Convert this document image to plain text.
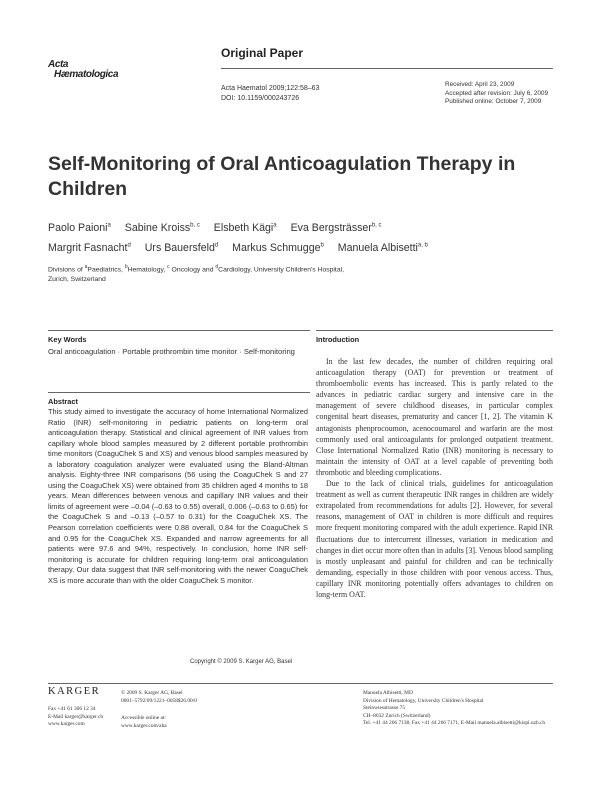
Acta
Hæmatologica
Original Paper
Acta Haematol 2009;122:58–63
DOI: 10.1159/000243726
Received: April 23, 2009
Accepted after revision: July 6, 2009
Published online: October 7, 2009
Self-Monitoring of Oral Anticoagulation Therapy in Children
Paolo Paioni$^a$ Sabine Kroiss$^{b, c}$ Elsbeth Kägi$^a$ Eva Bergsträsser$^{b, c}$
Margrit Fasnacht$^d$ Urs Bauersfeld$^d$ Markus Schmugge$^b$ Manuela Albisetti$^{a, b}$
Divisions of $^a$Paediatrics, $^b$Hematology, $^c$ Oncology and $^d$Cardiology, University Children's Hospital,
Zurich, Switzerland
Key Words
Oral anticoagulation · Portable prothrombin time monitor · Self-monitoring
Abstract
This study aimed to investigate the accuracy of home International Normalized Ratio (INR) self-monitoring in pediatric patients on long-term oral anticoagulation therapy. Statistical and clinical agreement of INR values from capillary whole blood samples measured by 2 different portable prothrombin time monitors (CoaguChek S and XS) and venous blood samples measured by a laboratory coagulation analyzer were evaluated using the Bland-Altman analysis. Eighty-three INR comparisons (56 using the CoaguChek S and 27 using the CoaguChek XS) were obtained from 35 children aged 4 months to 18 years. Mean differences between venous and capillary INR values and their limits of agreement were –0.04 (–0.63 to 0.55) overall, 0.006 (–0.63 to 0.65) for the CoaguChek S and –0.13 (–0.57 to 0.31) for the CoaguChek XS. The Pearson correlation coefficients were 0.88 overall, 0.84 for the CoaguChek S and 0.95 for the CoaguChek XS. Expanded and narrow agreements for all patients were 97.6 and 94%, respectively. In conclusion, home INR self-monitoring is accurate for children requiring long-term oral anticoagulation therapy. Our data suggest that INR self-monitoring with the newer CoaguChek XS is more accurate than with the older CoaguChek S monitor.
Copyright © 2009 S. Karger AG, Basel
Introduction

In the last few decades, the number of children requiring oral anticoagulation therapy (OAT) for prevention or treatment of thromboembolic events has increased. This is partly related to the advances in pediatric cardiac surgery and intensive care in the management of severe childhood diseases, in particular complex congenital heart diseases, prematurity and cancer [1, 2]. The vitamin K antagonists phenprocoumon, acenocoumarol and warfarin are the most commonly used oral anticoagulants for prolonged outpatient treatment. Close International Normalized Ratio (INR) monitoring is necessary to maintain the intensity of OAT at a level capable of preventing both thrombotic and bleeding complications.

Due to the lack of clinical trials, guidelines for anticoagulation treatment as well as current therapeutic INR ranges in children are widely extrapolated from recommendations for adults [2]. However, for several reasons, management of OAT in children is more difficult and requires more frequent monitoring compared with the adult experience. Rapid INR fluctuations due to intercurrent illnesses, variation in medication and changes in diet occur more often than in adults [3]. Venous blood sampling is mostly unpleasant and painful for children and can be technically demanding, especially in those children with poor venous access. Thus, capillary INR monitoring potentially offers advantages to children on long-term OAT.

KARGER
Fax +41 61 306 12 34
E-Mail karger@karger.ch
www.karger.com
© 2009 S. Karger AG, Basel
0001–5792/09/1221–0058$26.00/0
Accessible online at:
www.karger.com/aha
Manuela Albisetti, MD
Division of Hematology, University Children's Hospital
Steinwiesstrasse 75
CH–8032 Zurich (Switzerland)
Tel. +41 44 266 7138, Fax +41 44 266 7171, E-Mail manuela.albisetti@kispi.uzh.ch
